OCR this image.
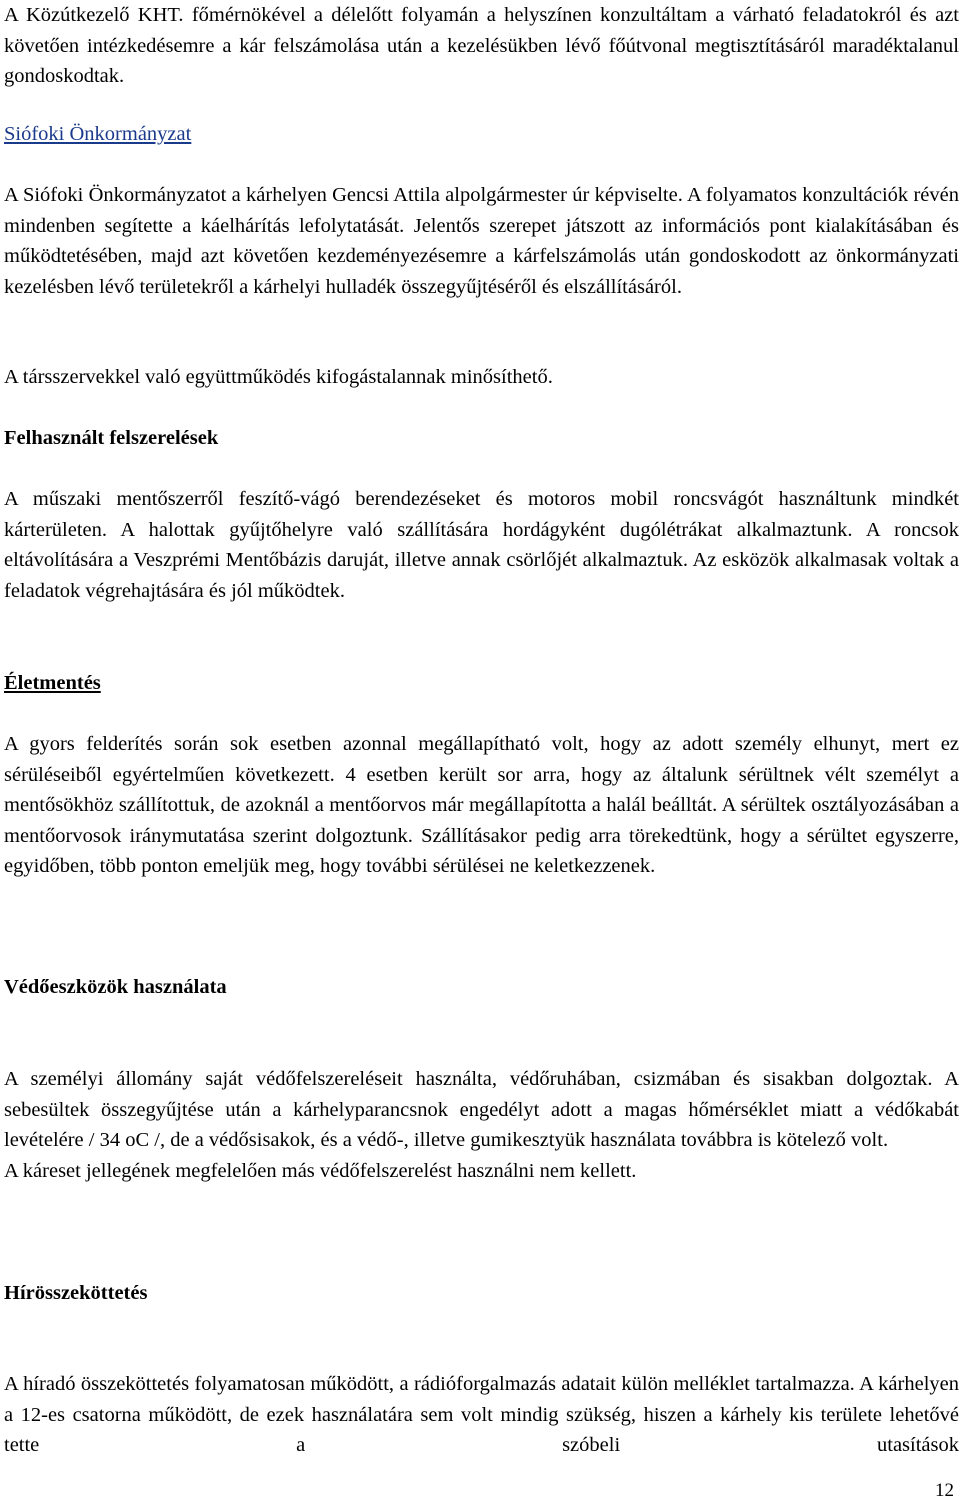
A Közútkezelő KHT. főmérnökével a délelőtt folyamán a helyszínen konzultáltam a várható feladatokról és azt követően intézkedésemre a kár felszámolása után a kezelésükben lévő főútvonal megtisztításáról maradéktalanul gondoskodtak.

Siófoki Önkormányzat

A Siófoki Önkormányzatot a kárhelyen Gencsi Attila alpolgármester úr képviselte. A folyamatos konzultációk révén mindenben segítette a káelhárítás lefolytatását. Jelentős szerepet játszott az információs pont kialakításában és működtetésében, majd azt követően kezdeményezésemre a kárfelszámolás után gondoskodott az önkormányzati kezelésben lévő területekről a kárhelyi hulladék összegyűjtéséről és elszállításáról.

A társszervekkel való együttműködés kifogástalannak minősíthető.

Felhasznált felszerelések

A műszaki mentőszerről feszítő-vágó berendezéseket és motoros mobil roncsvágót használtunk mindkét kárterületen. A halottak gyűjtőhelyre való szállítására hordágyként dugólétrákat alkalmaztunk. A roncsok eltávolítására a Veszprémi Mentőbázis daruját, illetve annak csörlőjét alkalmaztuk. Az esközök alkalmasak voltak a feladatok végrehajtására és jól működtek.

Életmentés

A gyors felderítés során sok esetben azonnal megállapítható volt, hogy az adott személy elhunyt, mert ez sérüléseiből egyértelműen következett. 4 esetben került sor arra, hogy az általunk sérültnek vélt személyt a mentősökhöz szállítottuk, de azoknál a mentőorvos már megállapította a halál beálltát. A sérültek osztályozásában a mentőorvosok iránymutatása szerint dolgoztunk. Szállításakor pedig arra törekedtünk, hogy a sérültet egyszerre, egyidőben, több ponton emeljük meg, hogy további sérülései ne keletkezzenek.

Védőeszközök használata

A személyi állomány saját védőfelszereléseit használta, védőruhában, csizmában és sisakban dolgoztak. A sebesültek összegyűjtése után a kárhelyparancsnok engedélyt adott a magas hőmérséklet miatt a védőkabát levételére / 34 oC /, de a védősisakok, és a védő-, illetve gumikesztyük használata továbbra is kötelező volt.

A káreset jellegének megfelelően más védőfelszerelést használni nem kellett.

Hírösszeköttetés

A híradó összeköttetés folyamatosan működött, a rádióforgalmazás adatait külön melléklet tartalmazza. A kárhelyen a 12-es csatorna működött, de ezek használatára sem volt mindig szükség, hiszen a kárhely kis területe lehetővé tette a szóbeli utasítások

12
